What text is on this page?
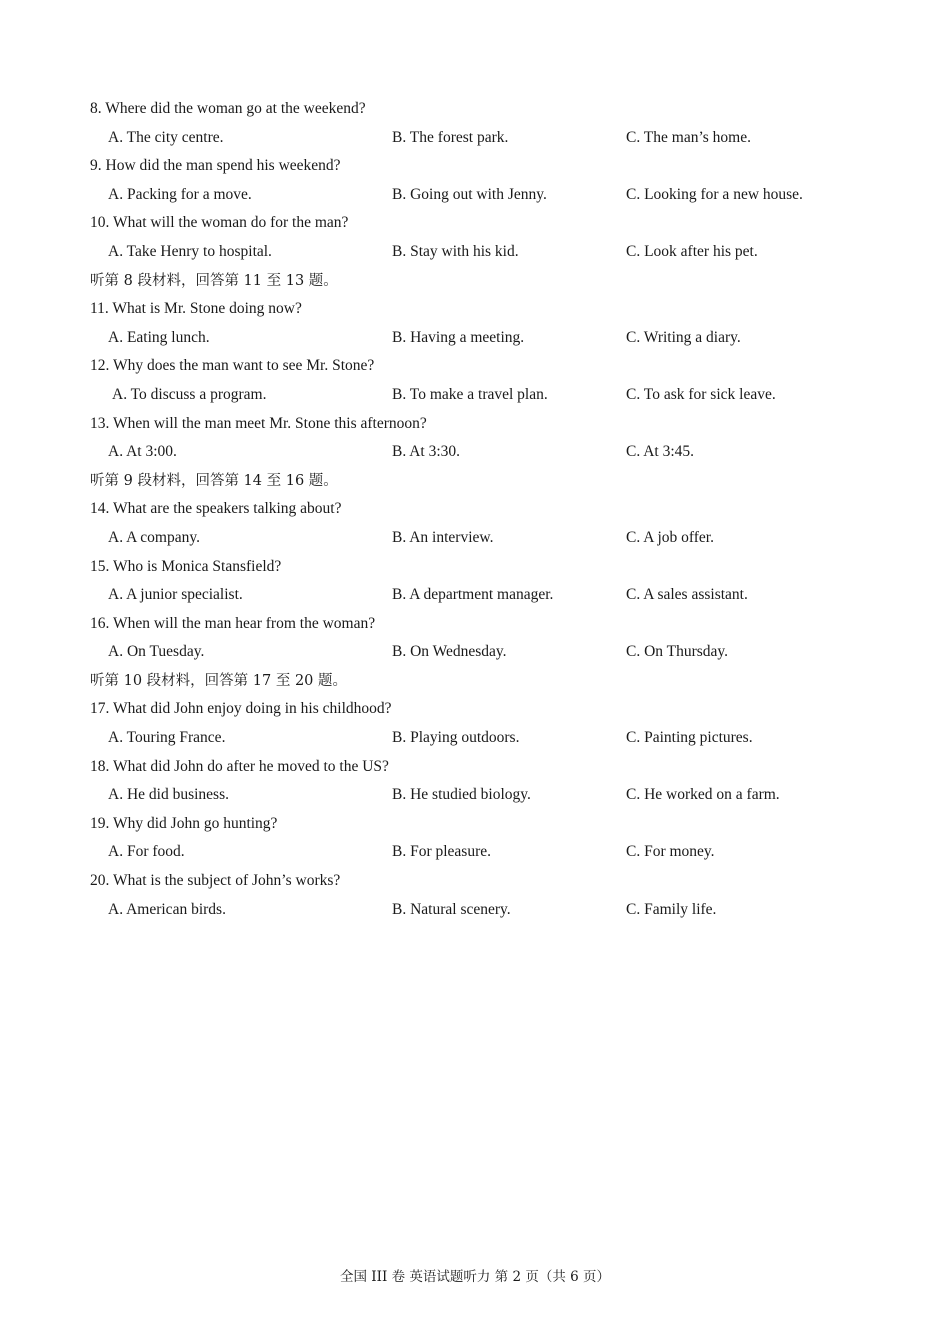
8. Where did the woman go at the weekend?
A. The city centre.	B. The forest park.	C. The man’s home.
9. How did the man spend his weekend?
A. Packing for a move.	B. Going out with Jenny.	C. Looking for a new house.
10. What will the woman do for the man?
A. Take Henry to hospital.	B. Stay with his kid.	C. Look after his pet.
听第 8 段材料，回答第 11 至 13 题。
11. What is Mr. Stone doing now?
A. Eating lunch.	B. Having a meeting.	C. Writing a diary.
12. Why does the man want to see Mr. Stone?
A. To discuss a program.	B. To make a travel plan.	C. To ask for sick leave.
13. When will the man meet Mr. Stone this afternoon?
A. At 3:00.	B. At 3:30.	C. At 3:45.
听第 9 段材料，回答第 14 至 16 题。
14. What are the speakers talking about?
A. A company.	B. An interview.	C. A job offer.
15. Who is Monica Stansfield?
A. A junior specialist.	B. A department manager.	C. A sales assistant.
16. When will the man hear from the woman?
A. On Tuesday.	B. On Wednesday.	C. On Thursday.
听第 10 段材料，回答第 17 至 20 题。
17. What did John enjoy doing in his childhood?
A. Touring France.	B. Playing outdoors.	C. Painting pictures.
18. What did John do after he moved to the US?
A. He did business.	B. He studied biology.	C. He worked on a farm.
19. Why did John go hunting?
A. For food.	B. For pleasure.	C. For money.
20. What is the subject of John’s works?
A. American birds.	B. Natural scenery.	C. Family life.
全国 III 卷 英语试题听力 第 2 页（共 6 页）
